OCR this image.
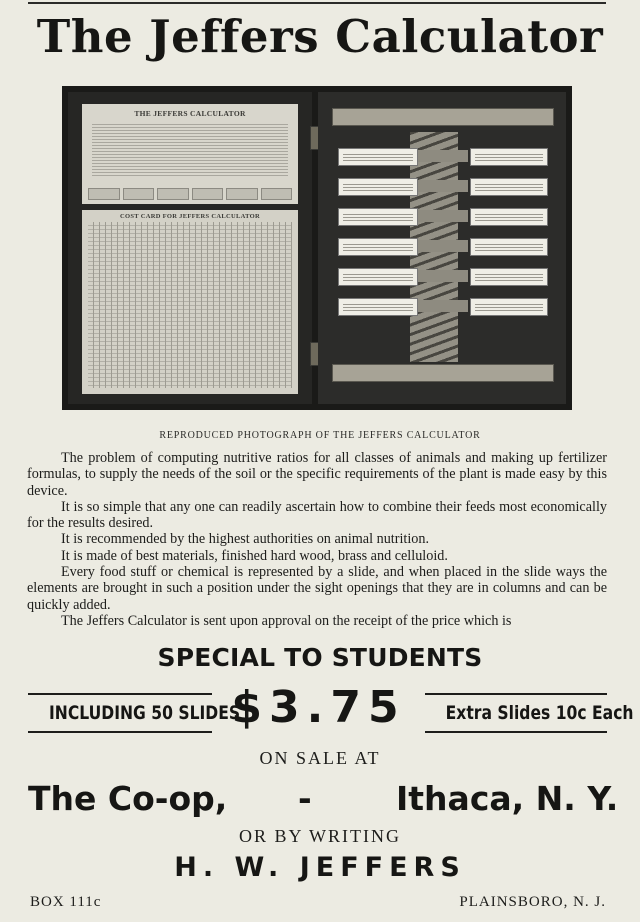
The Jeffers Calculator
THE JEFFERS CALCULATOR
COST CARD FOR JEFFERS CALCULATOR
REPRODUCED PHOTOGRAPH OF THE JEFFERS CALCULATOR

The problem of computing nutritive ratios for all classes of animals and making up fertilizer formulas, to supply the needs of the soil or the specific requirements of the plant is made easy by this device.

It is so simple that any one can readily ascertain how to combine their feeds most economically for the results desired.

It is recommended by the highest authorities on animal nutrition.

It is made of best materials, finished hard wood, brass and celluloid.

Every food stuff or chemical is represented by a slide, and when placed in the slide ways the elements are brought in such a position under the sight openings that they are in columns and can be quickly added.

The Jeffers Calculator is sent upon approval on the receipt of the price which is

SPECIAL TO STUDENTS
INCLUDING 50 SLIDES
$3.75	Extra Slides 10c Each
ON SALE AT
The Co-op, -	Ithaca, N. Y.
OR BY WRITING
H. W. JEFFERS
BOX 111c	PLAINSBORO, N. J.
